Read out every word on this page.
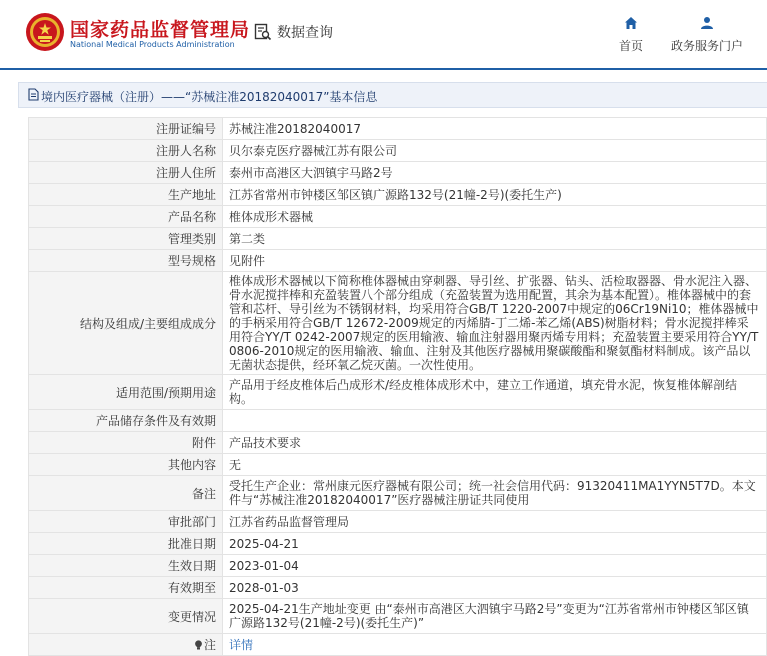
国家药品监督管理局
National Medical Products Administration
数据查询
首页	政务服务门户
境内医疗器械（注册）——“苏械注准20182040017”基本信息
注册证编号	苏械注准20182040017
注册人名称	贝尔泰克医疗器械江苏有限公司
注册人住所	泰州市高港区大泗镇宇马路2号
生产地址	江苏省常州市钟楼区邹区镇广源路132号(21幢-2号)(委托生产)
产品名称	椎体成形术器械
管理类别	第二类
型号规格	见附件
结构及组成/主要组成成分	椎体成形术器械以下简称椎体器械由穿刺器、导引丝、扩张器、钻头、活检取器器、骨水泥注入器、骨水泥搅拌棒和充盈装置八个部分组成（充盈装置为选用配置，其余为基本配置）。椎体器械中的套管和芯杆、导引丝为不锈钢材料，均采用符合GB/T 1220-2007中规定的06Cr19Ni10；椎体器械中的手柄采用符合GB/T 12672-2009规定的丙烯腈-丁二烯-苯乙烯(ABS)树脂材料；骨水泥搅拌棒采用符合YY/T 0242-2007规定的医用输液、输血注射器用聚丙烯专用料；充盈装置主要采用符合YY/T0806-2010规定的医用输液、输血、注射及其他医疗器械用聚碳酸酯和聚氨酯材料制成。该产品以无菌状态提供，经环氧乙烷灭菌。一次性使用。
适用范围/预期用途	产品用于经皮椎体后凸成形术/经皮椎体成形术中，建立工作通道，填充骨水泥，恢复椎体解剖结构。
产品储存条件及有效期	
附件	产品技术要求
其他内容	无
备注	受托生产企业：常州康元医疗器械有限公司；统一社会信用代码：91320411MA1YYN5T7D。本文件与“苏械注准20182040017”医疗器械注册证共同使用
审批部门	江苏省药品监督管理局
批准日期	2025-04-21
生效日期	2023-01-04
有效期至	2028-01-03
变更情况	2025-04-21生产地址变更 由“泰州市高港区大泗镇宇马路2号”变更为“江苏省常州市钟楼区邹区镇广源路132号(21幢-2号)(委托生产)”
注	详情
